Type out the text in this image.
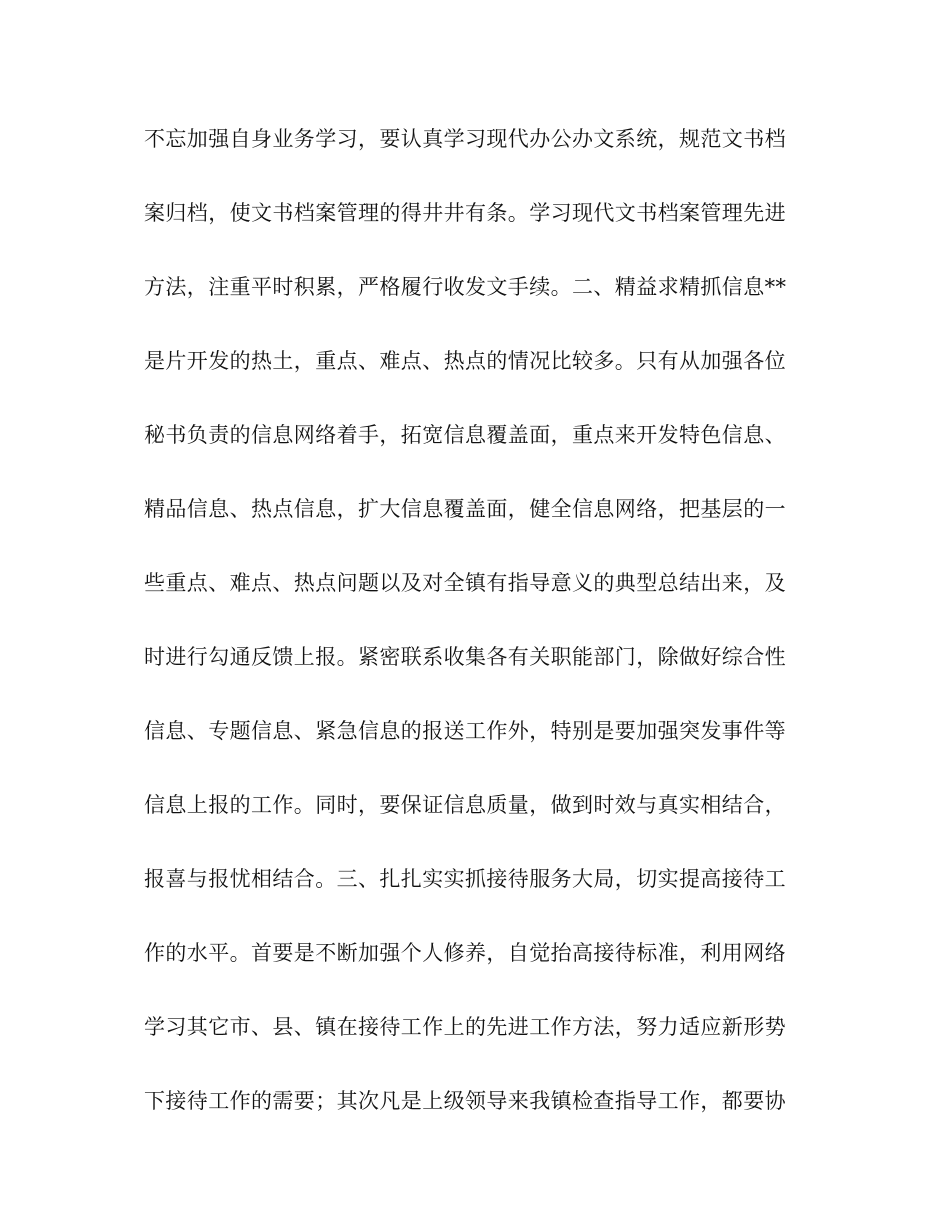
不忘加强自身业务学习，要认真学习现代办公办文系统，规范文书档
案归档，使文书档案管理的得井井有条。学习现代文书档案管理先进
方法，注重平时积累，严格履行收发文手续。二、精益求精抓信息**
是片开发的热土，重点、难点、热点的情况比较多。只有从加强各位
秘书负责的信息网络着手，拓宽信息覆盖面，重点来开发特色信息、
精品信息、热点信息，扩大信息覆盖面，健全信息网络，把基层的一
些重点、难点、热点问题以及对全镇有指导意义的典型总结出来，及
时进行勾通反馈上报。紧密联系收集各有关职能部门，除做好综合性
信息、专题信息、紧急信息的报送工作外，特别是要加强突发事件等
信息上报的工作。同时，要保证信息质量，做到时效与真实相结合，
报喜与报忧相结合。三、扎扎实实抓接待服务大局，切实提高接待工
作的水平。首要是不断加强个人修养，自觉抬高接待标准，利用网络
学习其它市、县、镇在接待工作上的先进工作方法，努力适应新形势
下接待工作的需要；其次凡是上级领导来我镇检查指导工作，都要协
